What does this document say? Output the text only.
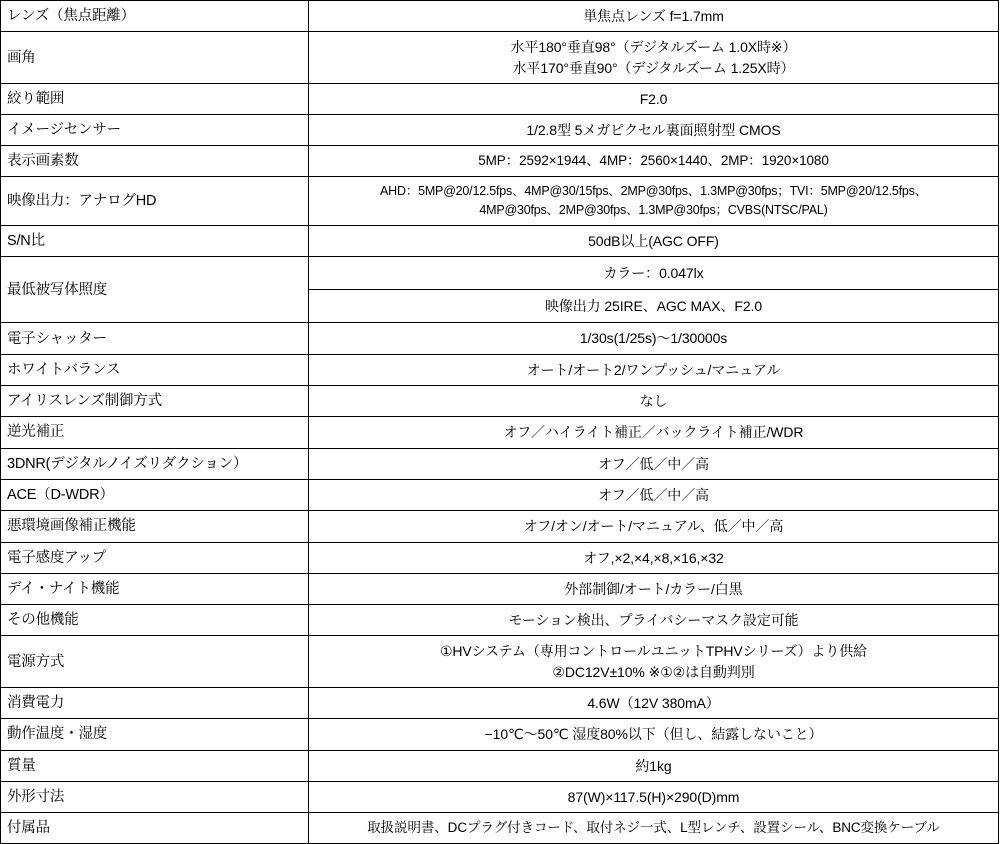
レンズ（焦点距離）	単焦点レンズ f=1.7mm

画角	水平180°垂直98°（デジタルズーム 1.0X時※）
水平170°垂直90°（デジタルズーム 1.25X時）

絞り範囲	F2.0

イメージセンサー	1/2.8型 5メガピクセル裏面照射型 CMOS

表示画素数	5MP：2592×1944、4MP：2560×1440、2MP：1920×1080

映像出力：アナログHD	AHD：5MP@20/12.5fps、4MP@30/15fps、2MP@30fps、1.3MP@30fps；TVI：5MP@20/12.5fps、
4MP@30fps、2MP@30fps、1.3MP@30fps；CVBS(NTSC/PAL)

S/N比	50dB以上(AGC OFF)

最低被写体照度	カラー：0.047lx
映像出力 25IRE、AGC MAX、F2.0

電子シャッター	1/30s(1/25s)〜1/30000s

ホワイトバランス	オート/オート2/ワンプッシュ/マニュアル

アイリスレンズ制御方式	なし

逆光補正	オフ／ハイライト補正／バックライト補正/WDR

3DNR(デジタルノイズリダクション）	オフ／低／中／高

ACE（D-WDR）	オフ／低／中／高

悪環境画像補正機能	オフ/オン/オート/マニュアル、低／中／高

電子感度アップ	オフ,×2,×4,×8,×16,×32

デイ・ナイト機能	外部制御/オート/カラー/白黒

その他機能	モーション検出、プライバシーマスク設定可能

電源方式	①HVシステム（専用コントロールユニットTPHVシリーズ）より供給
②DC12V±10% ※①②は自動判別

消費電力	4.6W（12V 380mA）

動作温度・湿度	−10℃〜50℃ 湿度80%以下（但し、結露しないこと）

質量	約1kg

外形寸法	87(W)×117.5(H)×290(D)mm

付属品	取扱説明書、DCプラグ付きコード、取付ネジ一式、L型レンチ、設置シール、BNC変換ケーブル
